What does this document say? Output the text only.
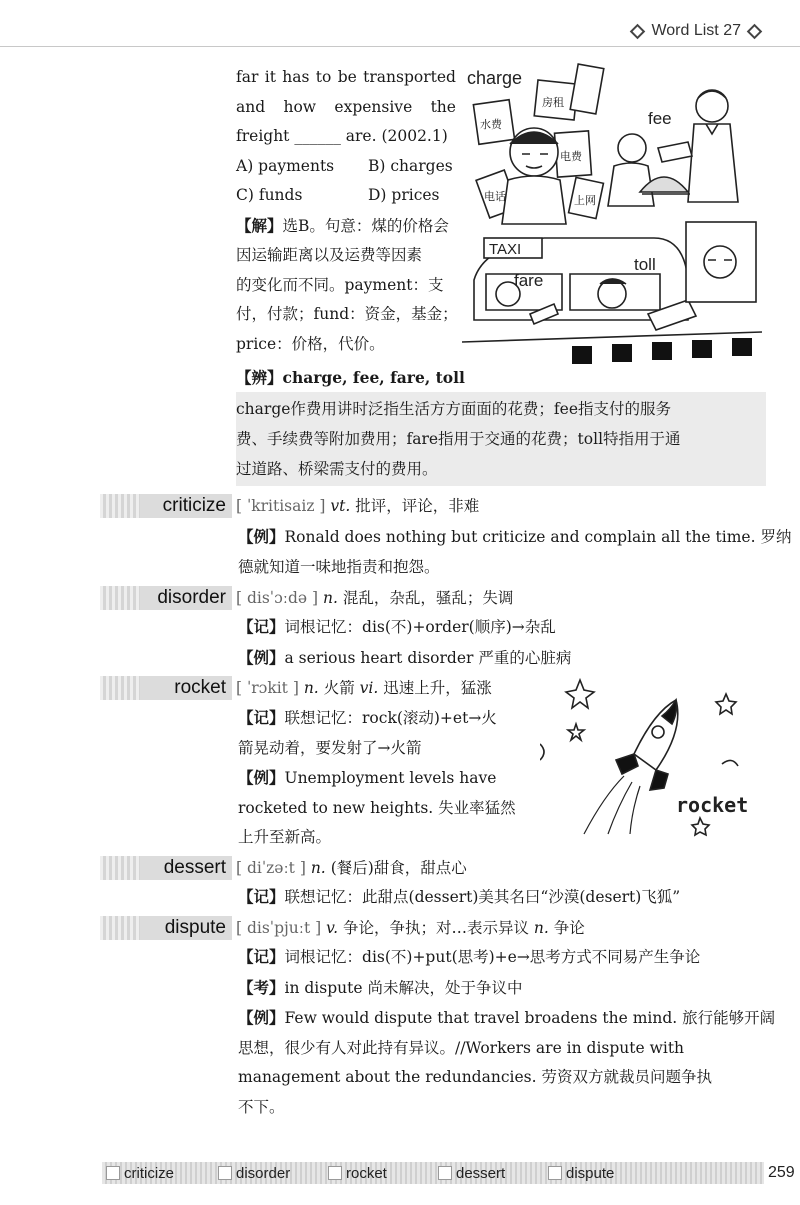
Word List 27
far it has to be transported
and how expensive the
freight ______ are. (2002.1)
A) payments	B) charges
C) funds	D) prices
【解】选B。句意：煤的价格会
因运输距离以及运费等因素
的变化而不同。payment：支
付，付款；fund：资金，基金；
price：价格，代价。
charge
fee
TAXI
fare
toll
水费
房租
电费
电话	上网
【辨】charge, fee, fare, toll
charge作费用讲时泛指生活方方面面的花费；fee指支付的服务
费、手续费等附加费用；fare指用于交通的花费；toll特指用于通
过道路、桥梁需支付的费用。
criticize [ ˈkritisaiz ] vt. 批评，评论，非难
【例】Ronald does nothing but criticize and complain all the time. 罗纳
德就知道一味地指责和抱怨。
disorder [ disˈɔːdə ] n. 混乱，杂乱，骚乱；失调
【记】词根记忆：dis(不)+order(顺序)→杂乱
【例】a serious heart disorder 严重的心脏病
rocket [ ˈrɔkit ] n. 火箭 vi. 迅速上升，猛涨
【记】联想记忆：rock(滚动)+et→火
箭晃动着，要发射了→火箭
【例】Unemployment levels have
rocketed to new heights. 失业率猛然
上升至新高。
rocket
dessert [ diˈzəːt ] n. (餐后)甜食，甜点心
【记】联想记忆：此甜点(dessert)美其名曰“沙漠(desert)飞狐”
dispute [ disˈpjuːt ] v. 争论，争执；对…表示异议 n. 争论
【记】词根记忆：dis(不)+put(思考)+e→思考方式不同易产生争论
【考】in dispute 尚未解决，处于争议中
【例】Few would dispute that travel broadens the mind. 旅行能够开阔
思想，很少有人对此持有异议。//Workers are in dispute with
management about the redundancies. 劳资双方就裁员问题争执
不下。
criticize	disorder	rocket	dessert	dispute	259
